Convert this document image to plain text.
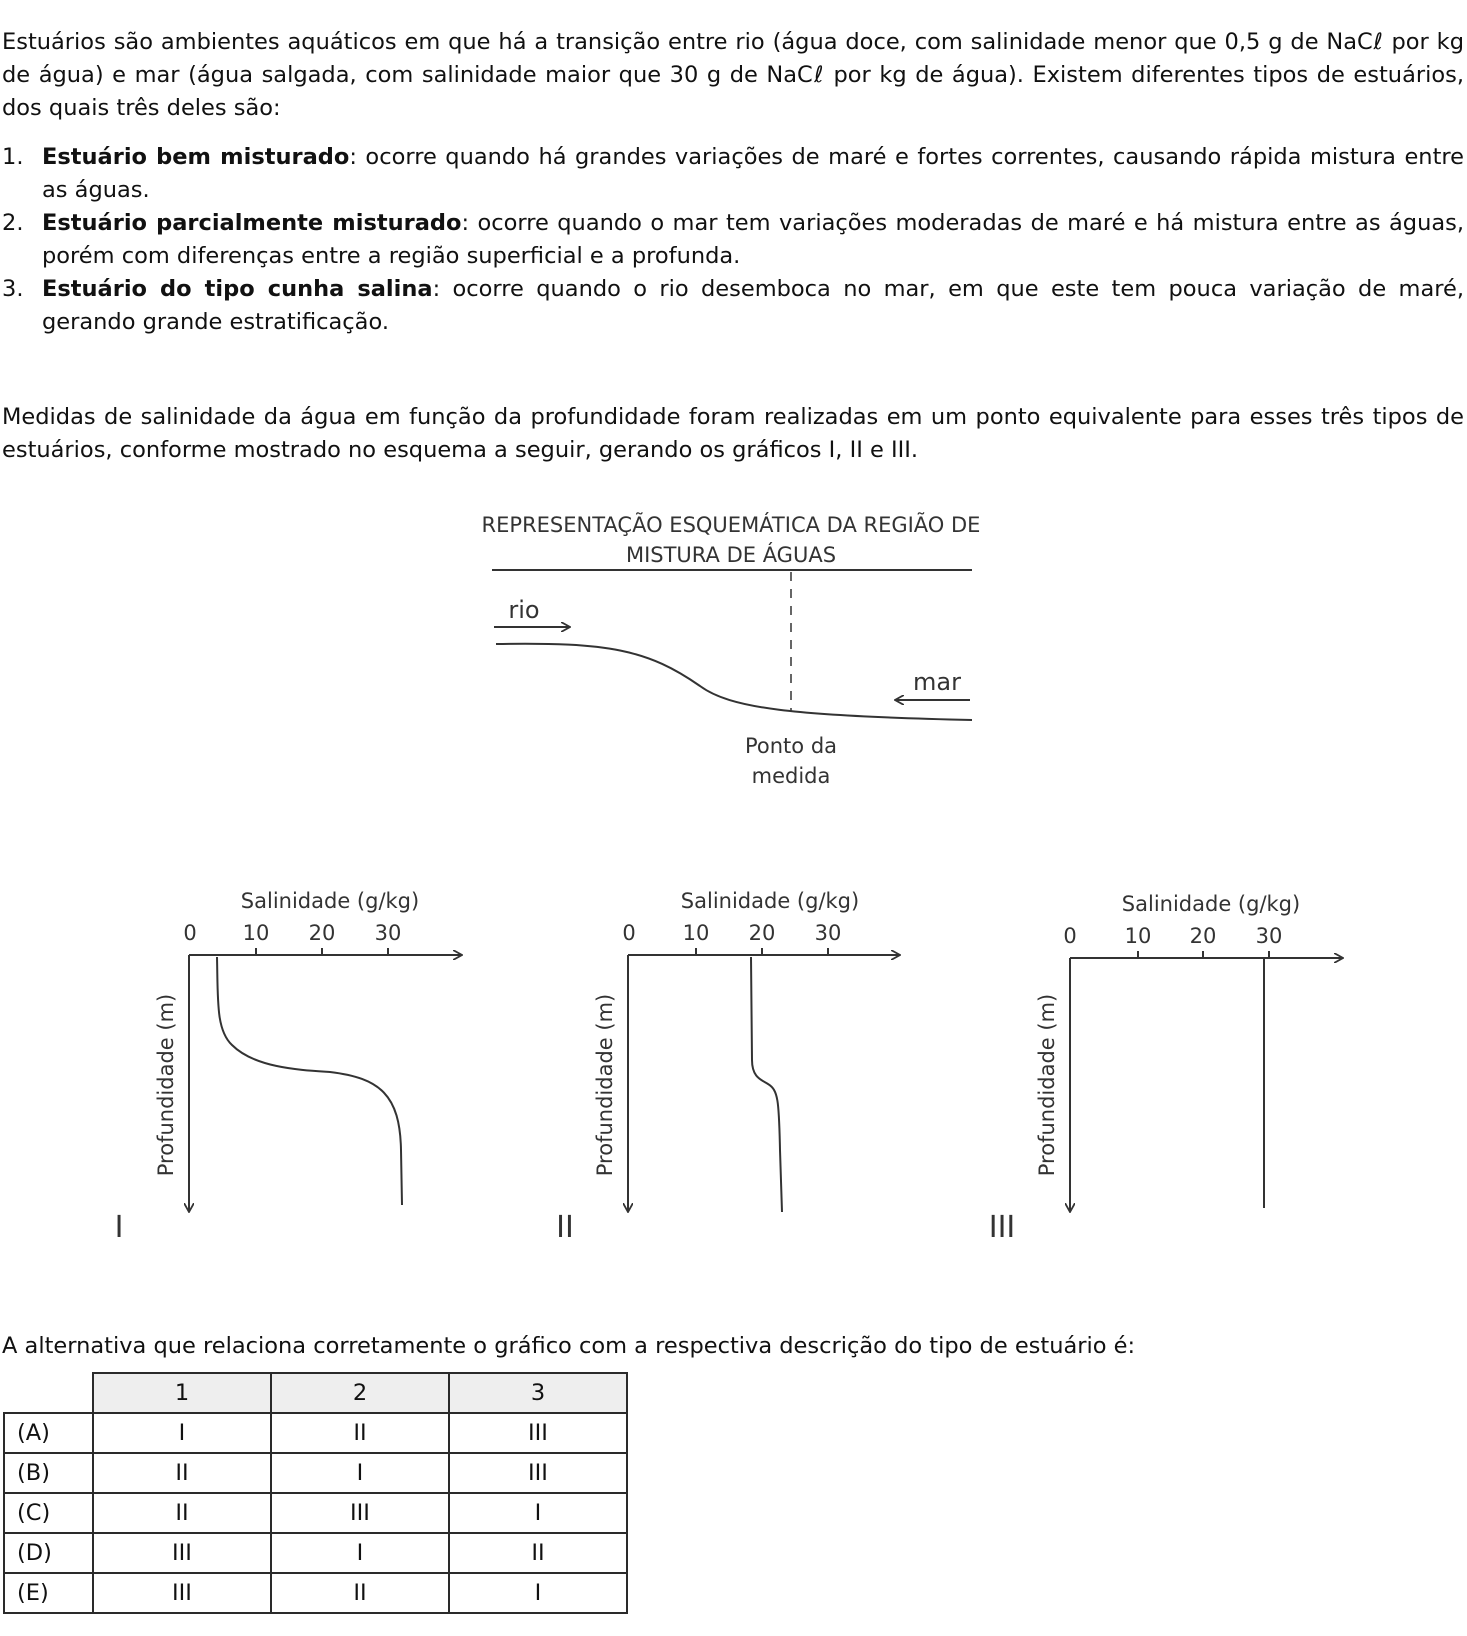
Estuários são ambientes aquáticos em que há a transição entre rio (água doce, com salinidade menor que 0,5 g de NaCℓ por kg de água) e mar (água salgada, com salinidade maior que 30 g de NaCℓ por kg de água). Existem diferentes tipos de estuários, dos quais três deles são:

1. Estuário bem misturado: ocorre quando há grandes variações de maré e fortes correntes, causando rápida mistura entre as águas.
2. Estuário parcialmente misturado: ocorre quando o mar tem variações moderadas de maré e há mistura entre as águas, porém com diferenças entre a região superficial e a profunda.
3. Estuário do tipo cunha salina: ocorre quando o rio desemboca no mar, em que este tem pouca variação de maré, gerando grande estratificação.

Medidas de salinidade da água em função da profundidade foram realizadas em um ponto equivalente para esses três tipos de estuários, conforme mostrado no esquema a seguir, gerando os gráficos I, II e III.

REPRESENTAÇÃO ESQUEMÁTICA DA REGIÃO DE
MISTURA DE ÁGUAS
rio
mar
Ponto da
medida
Salinidade (g/kg)
0 10 20 30
Profundidade (m)
I
Salinidade (g/kg)
0 10 20 30
Profundidade (m)
II
Salinidade (g/kg)
0 10 20 30
Profundidade (m)
III

A alternativa que relaciona corretamente o gráfico com a respectiva descrição do tipo de estuário é:

	1	2	3
(A)	I	II	III
(B)	II	I	III
(C)	II	III	I
(D)	III	I	II
(E)	III	II	I
